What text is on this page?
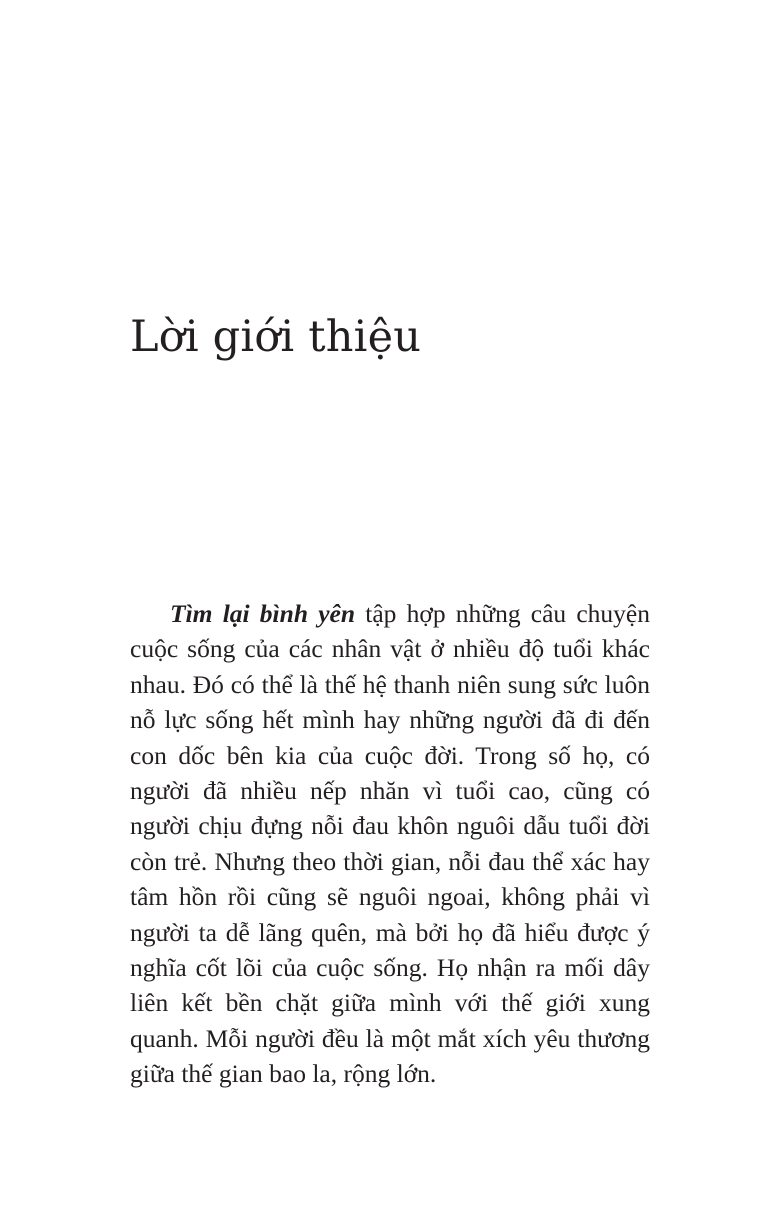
Lời giới thiệu

Tìm lại bình yên tập hợp những câu chuyện cuộc sống của các nhân vật ở nhiều độ tuổi khác nhau. Đó có thể là thế hệ thanh niên sung sức luôn nỗ lực sống hết mình hay những người đã đi đến con dốc bên kia của cuộc đời. Trong số họ, có người đã nhiều nếp nhăn vì tuổi cao, cũng có người chịu đựng nỗi đau khôn nguôi dẫu tuổi đời còn trẻ. Nhưng theo thời gian, nỗi đau thể xác hay tâm hồn rồi cũng sẽ nguôi ngoai, không phải vì người ta dễ lãng quên, mà bởi họ đã hiểu được ý nghĩa cốt lõi của cuộc sống. Họ nhận ra mối dây liên kết bền chặt giữa mình với thế giới xung quanh. Mỗi người đều là một mắt xích yêu thương giữa thế gian bao la, rộng lớn.
